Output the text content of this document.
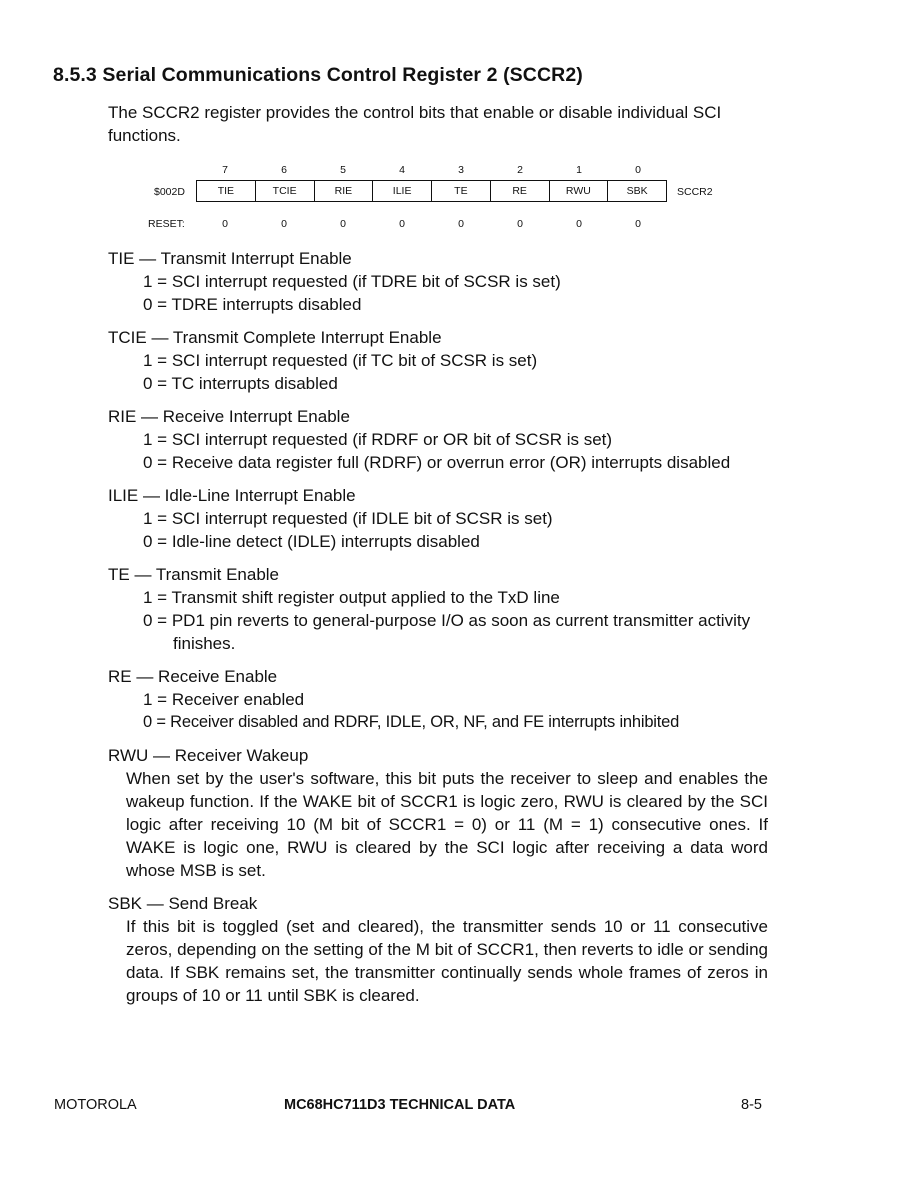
8.5.3 Serial Communications Control Register 2 (SCCR2)
The SCCR2 register provides the control bits that enable or disable individual SCI functions.
7	6	5	4	3	2	1	0
$002D	TIE	TCIE	RIE	ILIE	TE	RE	RWU	SBK	SCCR2
RESET:	0	0	0	0	0	0	0	0
TIE — Transmit Interrupt Enable
1 = SCI interrupt requested (if TDRE bit of SCSR is set)
0 = TDRE interrupts disabled
TCIE — Transmit Complete Interrupt Enable
1 = SCI interrupt requested (if TC bit of SCSR is set)
0 = TC interrupts disabled
RIE — Receive Interrupt Enable
1 = SCI interrupt requested (if RDRF or OR bit of SCSR is set)
0 = Receive data register full (RDRF) or overrun error (OR) interrupts disabled
ILIE — Idle-Line Interrupt Enable
1 = SCI interrupt requested (if IDLE bit of SCSR is set)
0 = Idle-line detect (IDLE) interrupts disabled
TE — Transmit Enable
1 = Transmit shift register output applied to the TxD line
0 = PD1 pin reverts to general-purpose I/O as soon as current transmitter activity finishes.
RE — Receive Enable
1 = Receiver enabled
0 = Receiver disabled and RDRF, IDLE, OR, NF, and FE interrupts inhibited
RWU — Receiver Wakeup
When set by the user's software, this bit puts the receiver to sleep and enables the wakeup function. If the WAKE bit of SCCR1 is logic zero, RWU is cleared by the SCI logic after receiving 10 (M bit of SCCR1 = 0) or 11 (M = 1) consecutive ones. If WAKE is logic one, RWU is cleared by the SCI logic after receiving a data word whose MSB is set.
SBK — Send Break
If this bit is toggled (set and cleared), the transmitter sends 10 or 11 consecutive zeros, depending on the setting of the M bit of SCCR1, then reverts to idle or sending data. If SBK remains set, the transmitter continually sends whole frames of zeros in groups of 10 or 11 until SBK is cleared.
MOTOROLA	MC68HC711D3 TECHNICAL DATA	8-5
